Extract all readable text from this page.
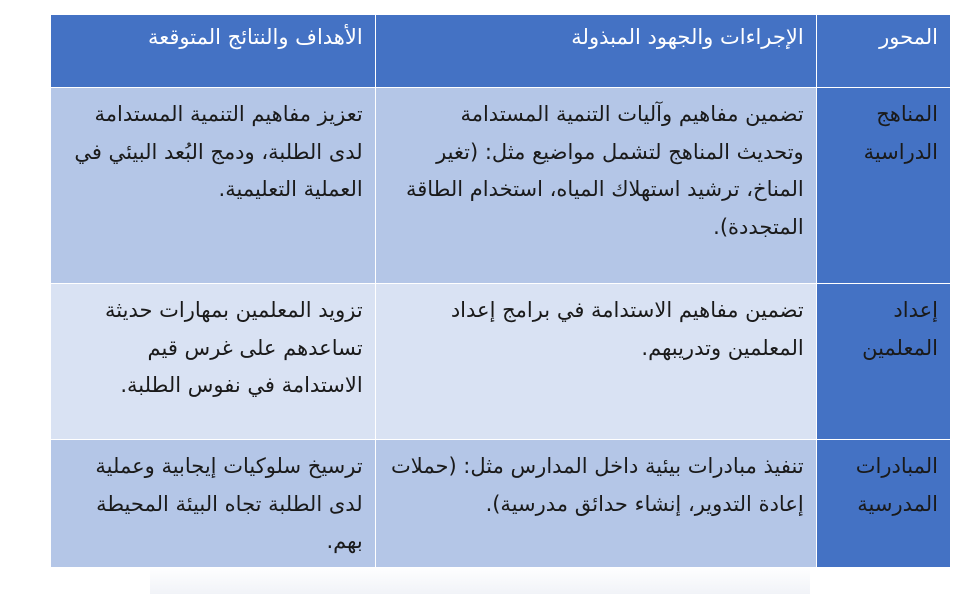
المحور	الإجراءات والجهود المبذولة	الأهداف والنتائج المتوقعة
المناهج الدراسية	تضمين مفاهيم وآليات التنمية المستدامة وتحديث المناهج لتشمل مواضيع مثل: (تغير المناخ، ترشيد استهلاك المياه، استخدام الطاقة المتجددة).	تعزيز مفاهيم التنمية المستدامة لدى الطلبة، ودمج البُعد البيئي في العملية التعليمية.
إعداد المعلمين	تضمين مفاهيم الاستدامة في برامج إعداد المعلمين وتدريبهم.	تزويد المعلمين بمهارات حديثة تساعدهم على غرس قيم الاستدامة في نفوس الطلبة.
المبادرات المدرسية	تنفيذ مبادرات بيئية داخل المدارس مثل: (حملات إعادة التدوير، إنشاء حدائق مدرسية).	ترسيخ سلوكيات إيجابية وعملية لدى الطلبة تجاه البيئة المحيطة بهم.
